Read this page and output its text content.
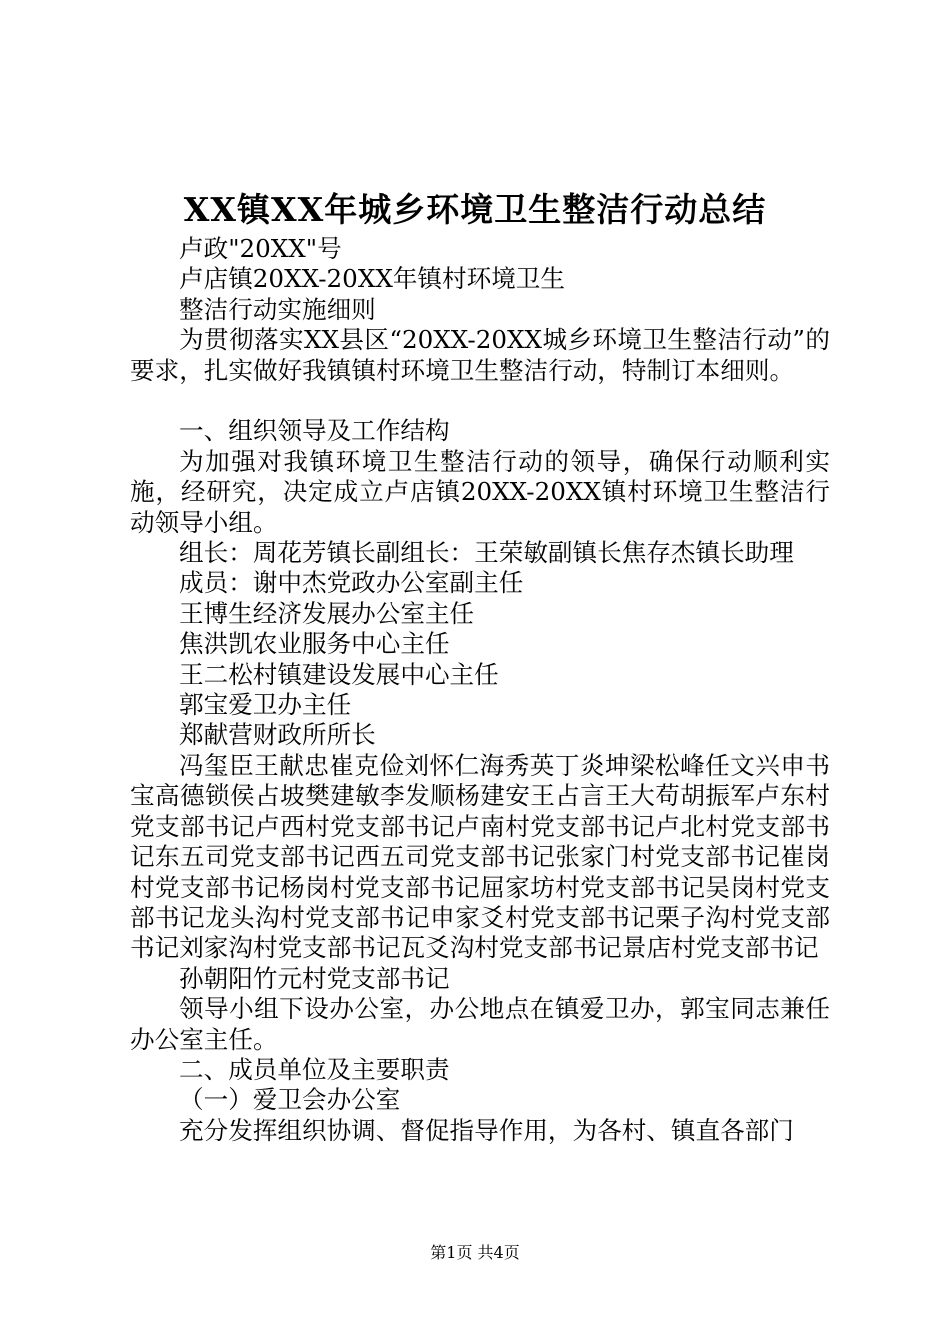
XX镇XX年城乡环境卫生整洁行动总结

卢政"20XX"号

卢店镇20XX-20XX年镇村环境卫生

整洁行动实施细则

为贯彻落实XX县区“20XX-20XX城乡环境卫生整洁行动”的要求，扎实做好我镇镇村环境卫生整洁行动，特制订本细则。

一、组织领导及工作结构

为加强对我镇环境卫生整洁行动的领导，确保行动顺利实施，经研究，决定成立卢店镇20XX-20XX镇村环境卫生整洁行动领导小组。

组长：周花芳镇长副组长：王荣敏副镇长焦存杰镇长助理

成员：谢中杰党政办公室副主任

王博生经济发展办公室主任

焦洪凯农业服务中心主任

王二松村镇建设发展中心主任

郭宝爱卫办主任

郑献营财政所所长

冯玺臣王献忠崔克俭刘怀仁海秀英丁炎坤梁松峰任文兴申书宝高德锁侯占坡樊建敏李发顺杨建安王占言王大苟胡振军卢东村党支部书记卢西村党支部书记卢南村党支部书记卢北村党支部书记东五司党支部书记西五司党支部书记张家门村党支部书记崔岗村党支部书记杨岗村党支部书记屈家坊村党支部书记吴岗村党支部书记龙头沟村党支部书记申家爻村党支部书记栗子沟村党支部书记刘家沟村党支部书记瓦爻沟村党支部书记景店村党支部书记

孙朝阳竹元村党支部书记

领导小组下设办公室，办公地点在镇爱卫办，郭宝同志兼任办公室主任。

二、成员单位及主要职责

（一）爱卫会办公室

充分发挥组织协调、督促指导作用，为各村、镇直各部门

第1页 共4页
